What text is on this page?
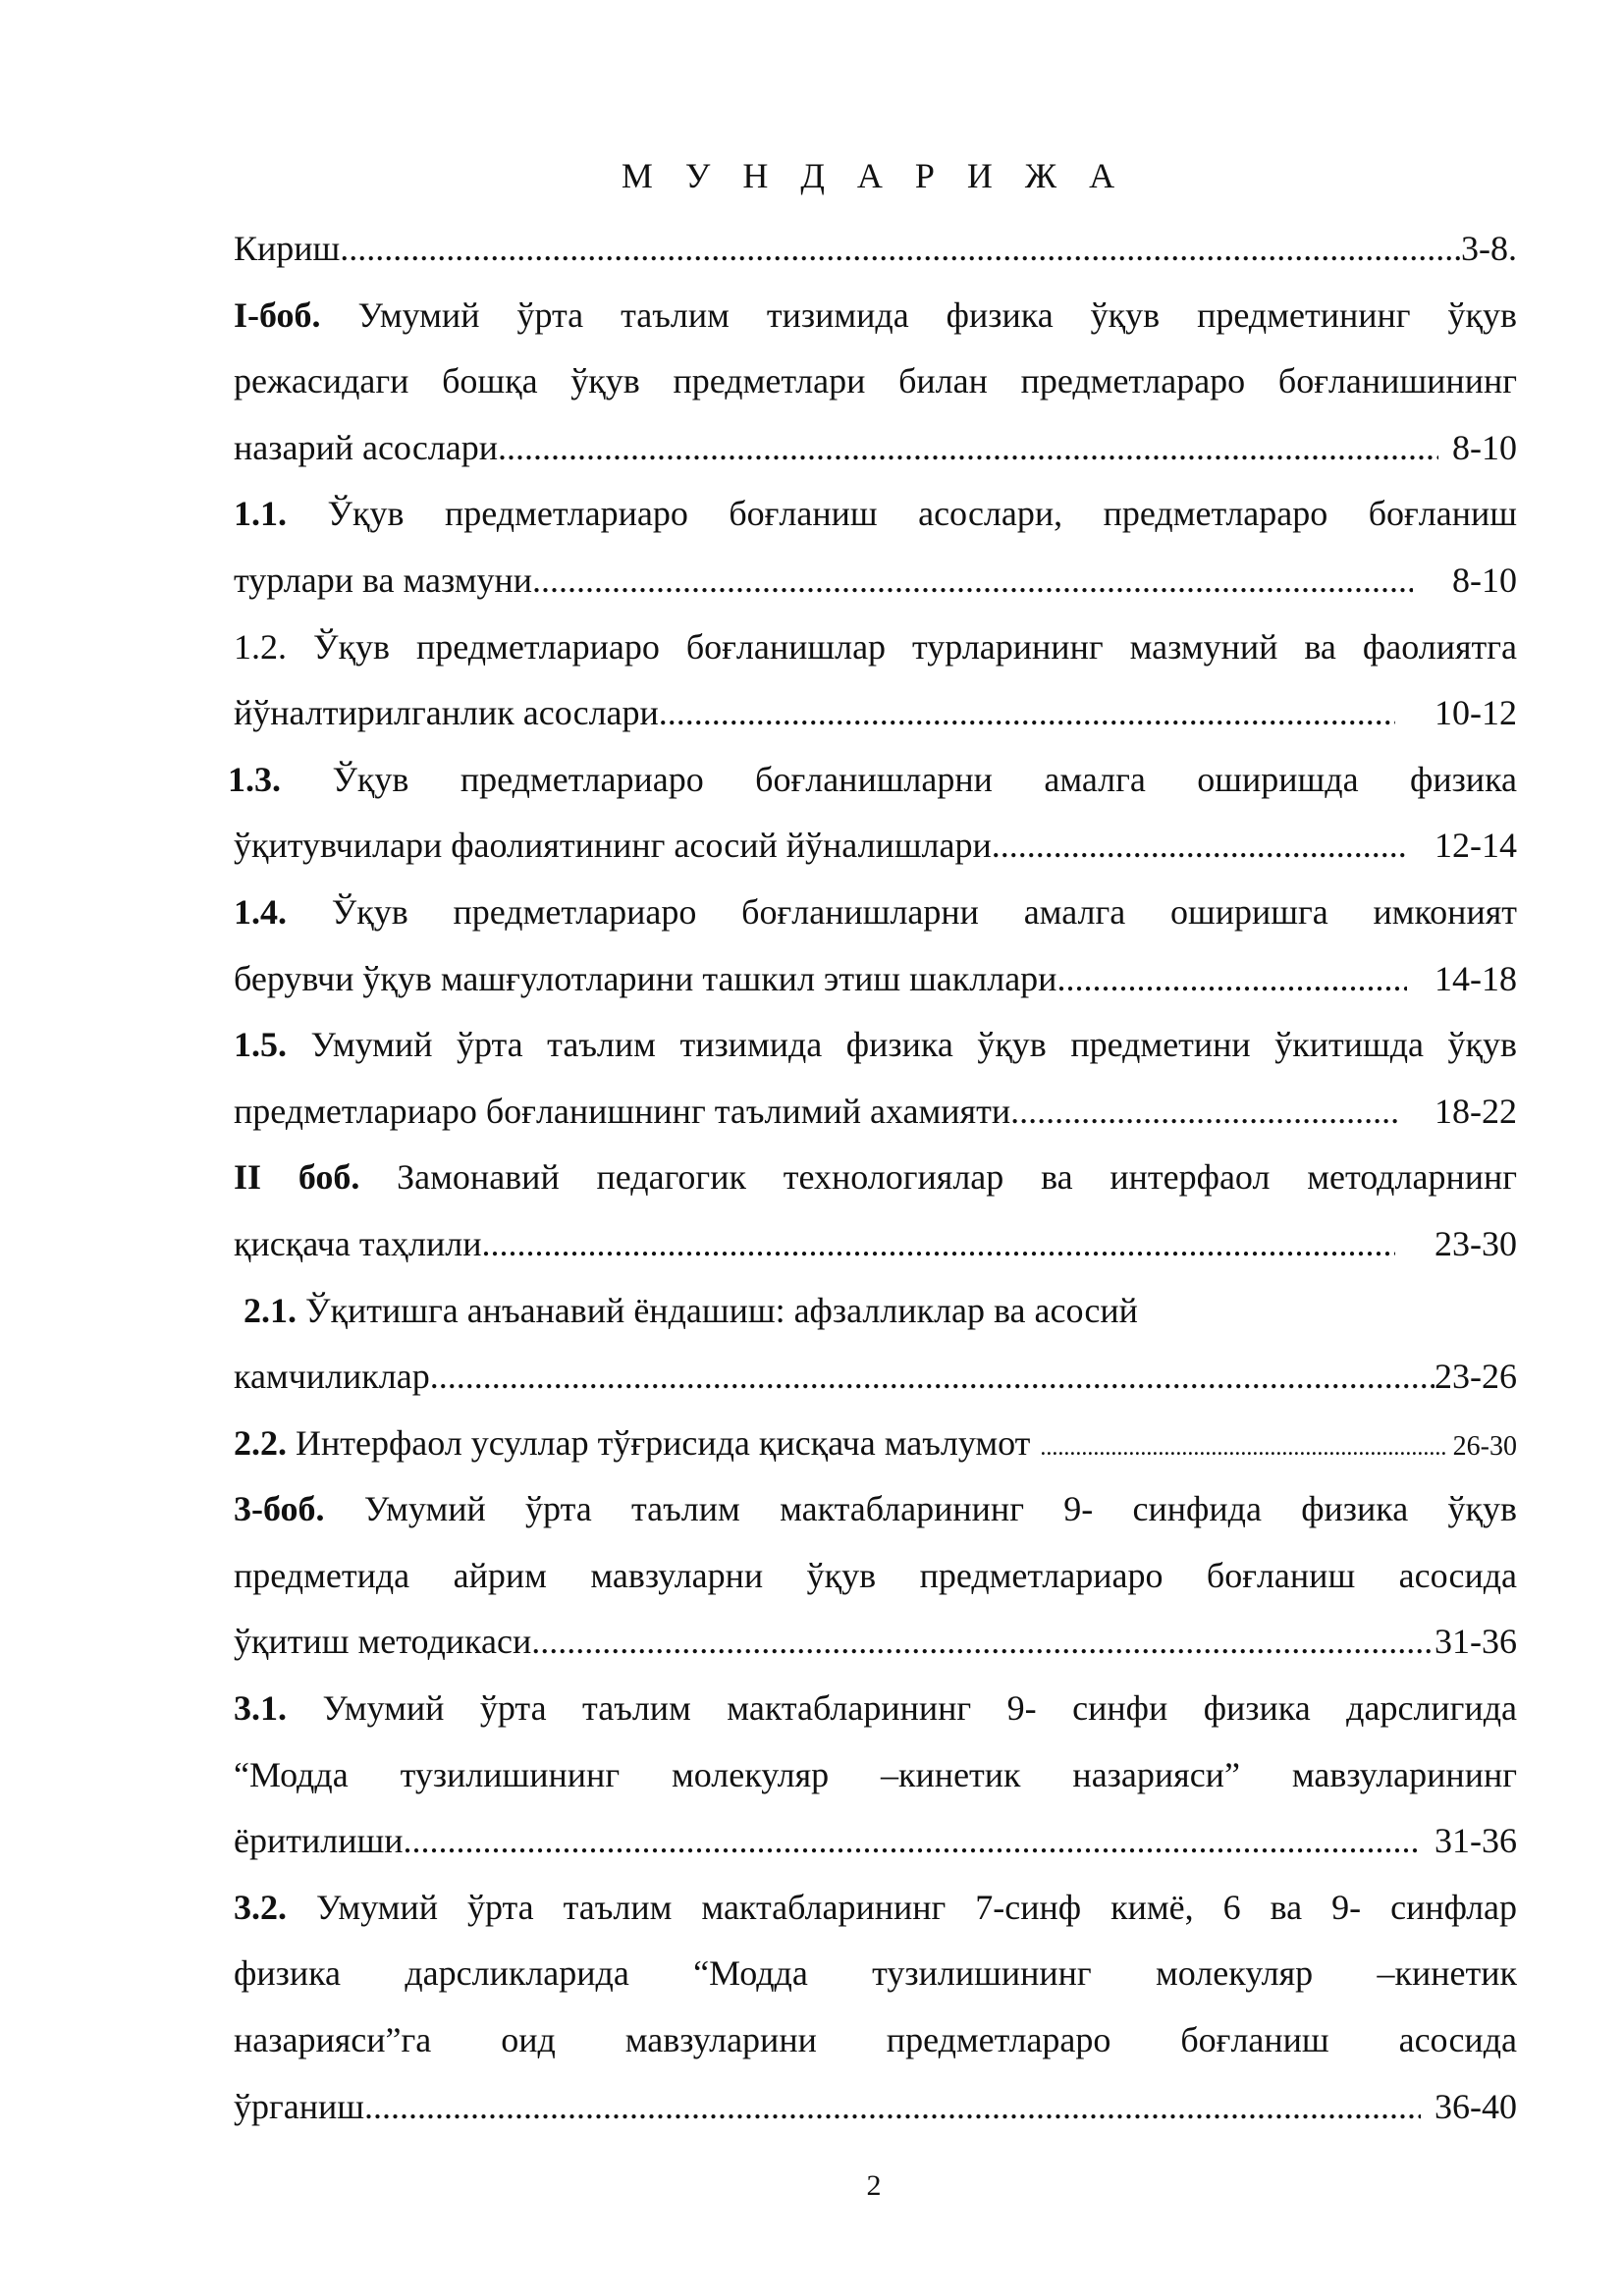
М У Н Д А Р И Ж А
Кириш .....	3-8.
I-боб. Умумий ўрта таълим тизимида физика ўқув предметининг ўқув
режасидаги бошқа ўқув предметлари билан предметлараро боғланишининг
назарий асослари .....	8-10
1.1. Ўқув предметлариаро боғланиш асослари, предметлараро боғланиш
турлари ва мазмуни .....	8-10
1.2. Ўқув предметлариаро боғланишлар турларининг мазмуний ва фаолиятга
йўналтирилганлик асослари .....	10-12
1.3. Ўқув предметлариаро боғланишларни амалга оширишда физика
ўқитувчилари фаолиятининг асосий йўналишлари .....	12-14
1.4. Ўқув предметлариаро боғланишларни амалга оширишга имконият
берувчи ўқув машғулотларини ташкил этиш шакллари .....	14-18
1.5. Умумий ўрта таълим тизимида физика ўқув предметини ўкитишда ўқув
предметлариаро боғланишнинг таълимий ахамияти .....	18-22
II боб. Замонавий педагогик технологиялар ва интерфаол методларнинг
қисқача таҳлили .....	23-30
2.1. Ўқитишга анъанавий ёндашиш: афзалликлар ва асосий
камчиликлар .....	23-26
2.2. Интерфаол усуллар тўғрисида қисқача маълумот .....	26-30
3-боб. Умумий ўрта таълим мактабларининг 9- синфида физика ўқув
предметида айрим мавзуларни ўқув предметлариаро боғланиш асосида
ўқитиш методикаси .....	31-36
3.1. Умумий ўрта таълим мактабларининг 9- синфи физика дарслигида
“Модда тузилишининг молекуляр –кинетик назарияси” мавзуларининг
ёритилиши .....	31-36
3.2. Умумий ўрта таълим мактабларининг 7-синф кимё, 6 ва 9- синфлар
физика дарсликларида “Модда тузилишининг молекуляр –кинетик
назарияси”га оид мавзуларини предметлараро боғланиш асосида
ўрганиш .....	36-40
2
